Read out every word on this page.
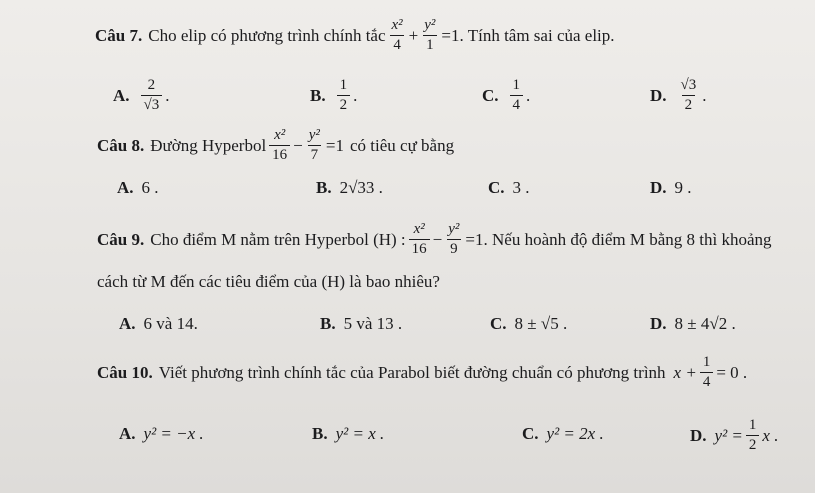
Câu 7. Cho elip có phương trình chính tắc $\frac{\text{x²}}{4} + \frac{\text{y²}}{1} =1$ . Tính tâm sai của elip.
A. $\frac{2}{√3}$ .	B. $\frac{1}{2}$ .	C. $\frac{1}{4}$ .	D. $\frac{√3}{2}$ .
Câu 8. Đường Hyperbol $\frac{\text{x²}}{16} - \frac{\text{y²}}{7} =1$ có tiêu cự bằng
A. 6 .	B. 2√33 .	C. 3 .	D. 9 .
Câu 9. Cho điểm M nằm trên Hyperbol (H) : $\frac{\text{x²}}{16} - \frac{\text{y²}}{9} =1$ . Nếu hoành độ điểm M bằng 8 thì khoảng
cách từ M đến các tiêu điểm của (H) là bao nhiêu?
A. 6 và 14.	B. 5 và 13 .	C. 8 ± √5 .	D. 8 ± 4√2 .
Câu 10. Viết phương trình chính tắc của Parabol biết đường chuẩn có phương trình $x + \frac{1}{4} = 0$ .
A. y² = −x .	B. y² = x .	C. y² = 2x .	D. $y^2 = \frac{1}{2}$ x .
